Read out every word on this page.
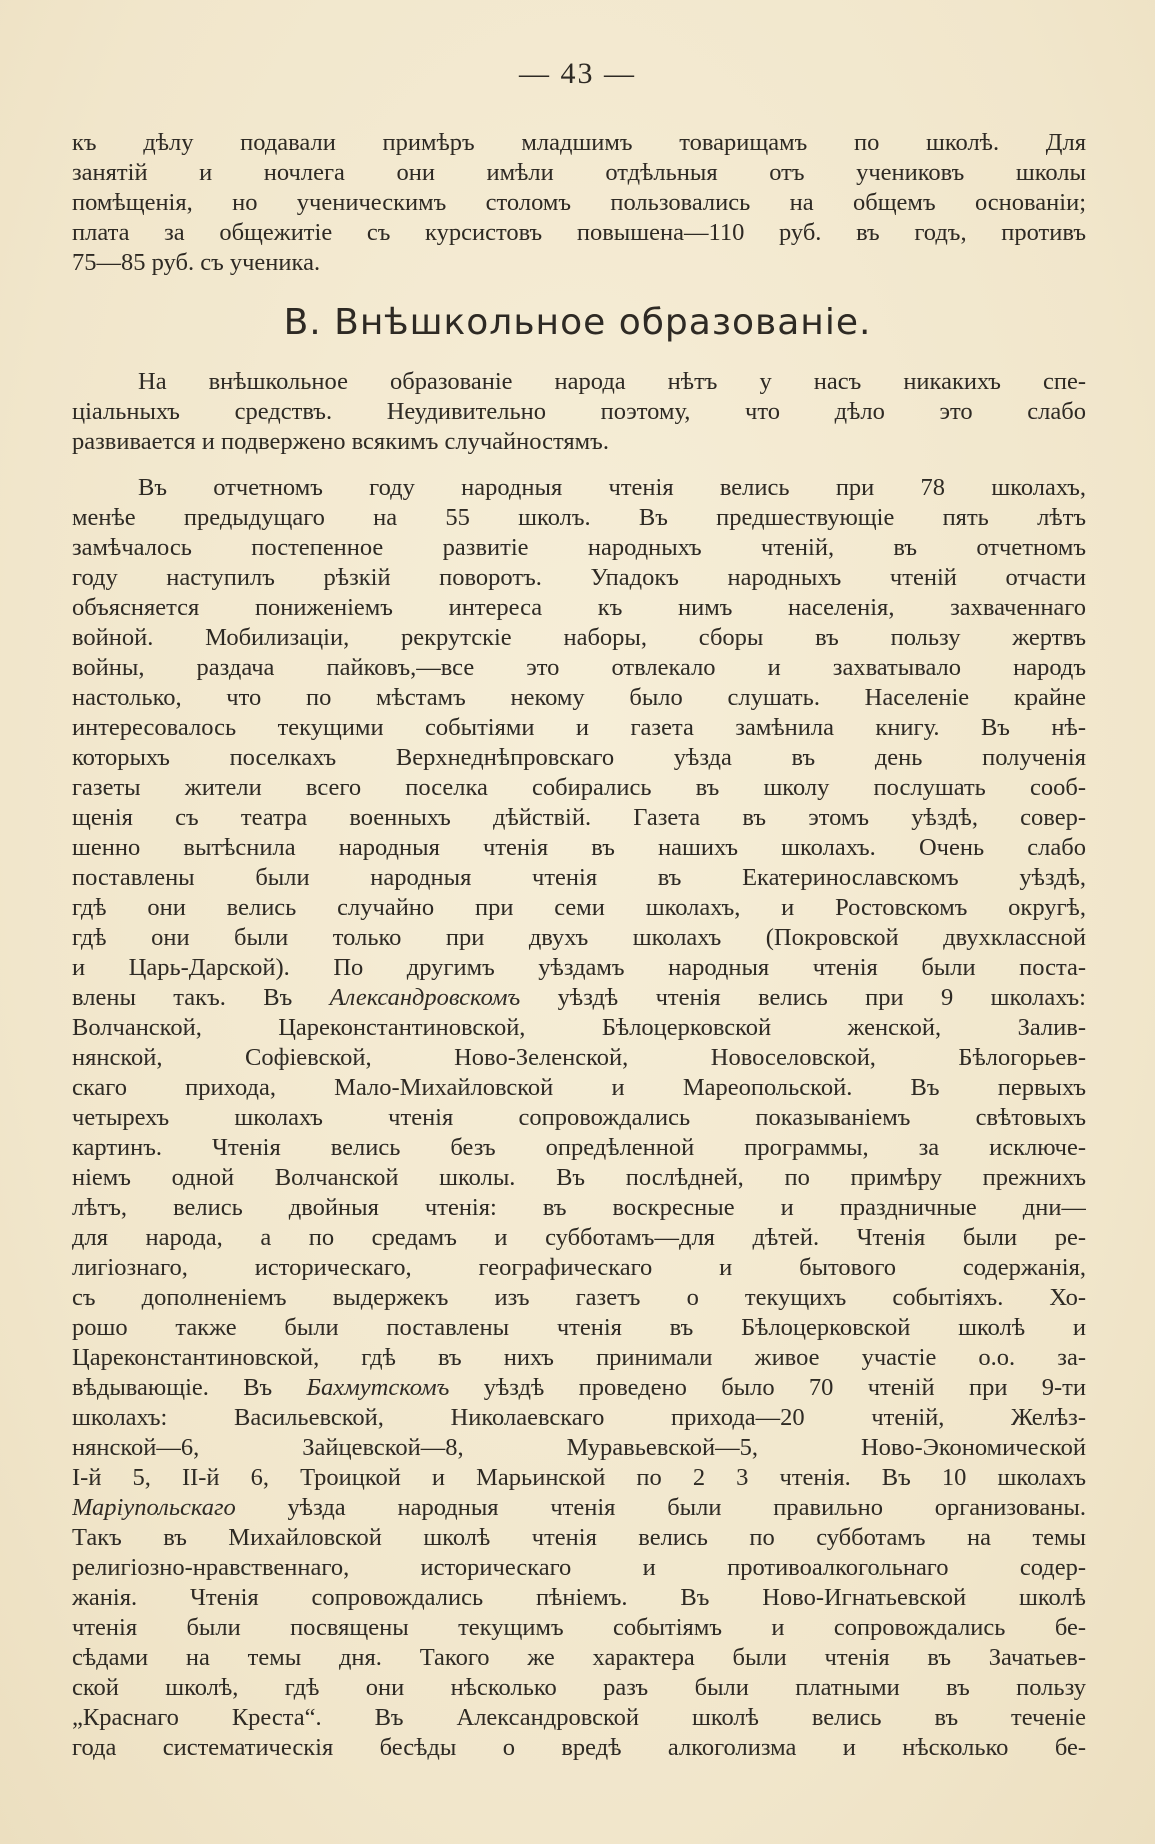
— 43 —
къ дѣлу подавали примѣръ младшимъ товарищамъ по школѣ. Для
занятій и ночлега они имѣли отдѣльныя отъ учениковъ школы
помѣщенія, но ученическимъ столомъ пользовались на общемъ основаніи;
плата за общежитіе съ курсистовъ повышена—110 руб. въ годъ, противъ
75—85 руб. съ ученика.
В. Внѣшкольное образованіе.
На внѣшкольное образованіе народа нѣтъ у насъ никакихъ спе-
ціальныхъ средствъ. Неудивительно поэтому, что дѣло это слабо
развивается и подвержено всякимъ случайностямъ.
Въ отчетномъ году народныя чтенія велись при 78 школахъ,
менѣе предыдущаго на 55 школъ. Въ предшествующіе пять лѣтъ
замѣчалось постепенное развитіе народныхъ чтеній, въ отчетномъ
году наступилъ рѣзкій поворотъ. Упадокъ народныхъ чтеній отчасти
объясняется пониженіемъ интереса къ нимъ населенія, захваченнаго
войной. Мобилизаціи, рекрутскіе наборы, сборы въ пользу жертвъ
войны, раздача пайковъ,—все это отвлекало и захватывало народъ
настолько, что по мѣстамъ некому было слушать. Населеніе крайне
интересовалось текущими событіями и газета замѣнила книгу. Въ нѣ-
которыхъ поселкахъ Верхнеднѣпровскаго уѣзда въ день полученія
газеты жители всего поселка собирались въ школу послушать сооб-
щенія съ театра военныхъ дѣйствій. Газета въ этомъ уѣздѣ, совер-
шенно вытѣснила народныя чтенія въ нашихъ школахъ. Очень слабо
поставлены были народныя чтенія въ Екатеринославскомъ уѣздѣ,
гдѣ они велись случайно при семи школахъ, и Ростовскомъ округѣ,
гдѣ они были только при двухъ школахъ (Покровской двухклассной
и Царь-Дарской). По другимъ уѣздамъ народныя чтенія были поста-
влены такъ. Въ Александровскомъ уѣздѣ чтенія велись при 9 школахъ:
Волчанской, Цареконстантиновской, Бѣлоцерковской женской, Залив-
нянской, Софіевской, Ново-Зеленской, Новоселовской, Бѣлогорьев-
скаго прихода, Мало-Михайловской и Мареопольской. Въ первыхъ
четырехъ школахъ чтенія сопровождались показываніемъ свѣтовыхъ
картинъ. Чтенія велись безъ опредѣленной программы, за исключе-
ніемъ одной Волчанской школы. Въ послѣдней, по примѣру прежнихъ
лѣтъ, велись двойныя чтенія: въ воскресные и праздничные дни—
для народа, а по средамъ и субботамъ—для дѣтей. Чтенія были ре-
лигіознаго, историческаго, географическаго и бытового содержанія,
съ дополненіемъ выдержекъ изъ газетъ о текущихъ событіяхъ. Хо-
рошо также были поставлены чтенія въ Бѣлоцерковской школѣ и
Цареконстантиновской, гдѣ въ нихъ принимали живое участіе о.о. за-
вѣдывающіе. Въ Бахмутскомъ уѣздѣ проведено было 70 чтеній при 9-ти
школахъ: Васильевской, Николаевскаго прихода—20 чтеній, Желѣз-
нянской—6, Зайцевской—8, Муравьевской—5, Ново-Экономической
I-й 5, II-й 6, Троицкой и Марьинской по 2 3 чтенія. Въ 10 школахъ
Маріупольскаго уѣзда народныя чтенія были правильно организованы.
Такъ въ Михайловской школѣ чтенія велись по субботамъ на темы
религіозно-нравственнаго, историческаго и противоалкогольнаго содер-
жанія. Чтенія сопровождались пѣніемъ. Въ Ново-Игнатьевской школѣ
чтенія были посвящены текущимъ событіямъ и сопровождались бе-
сѣдами на темы дня. Такого же характера были чтенія въ Зачатьев-
ской школѣ, гдѣ они нѣсколько разъ были платными въ пользу
„Краснаго Креста“. Въ Александровской школѣ велись въ теченіе
года систематическія бесѣды о вредѣ алкоголизма и нѣсколько бе-
